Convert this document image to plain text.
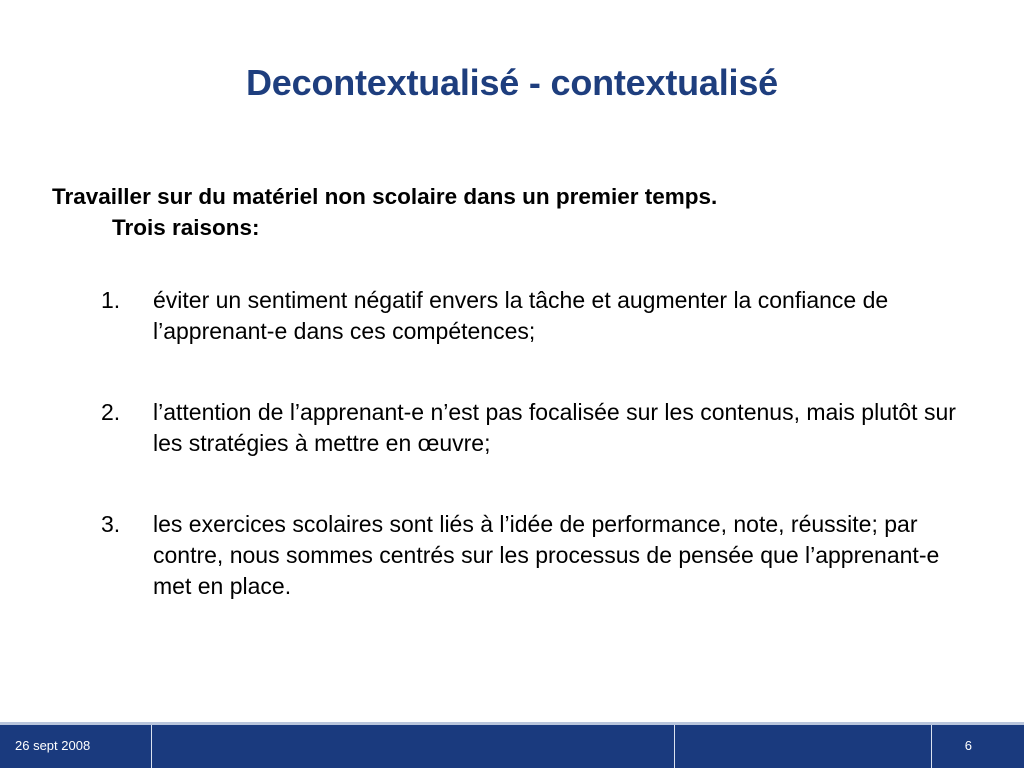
Decontextualisé - contextualisé

Travailler sur du matériel non scolaire dans un premier temps.
Trois raisons:

1. éviter un sentiment négatif envers la tâche et augmenter la confiance de l’apprenant-e dans ces compétences;
2. l’attention de l’apprenant-e n’est pas focalisée sur les contenus, mais plutôt sur les stratégies à mettre en œuvre;
3. les exercices scolaires sont liés à l’idée de performance, note, réussite; par contre, nous sommes centrés sur les processus de pensée que l’apprenant-e met en place.
26 sept 2008	6
